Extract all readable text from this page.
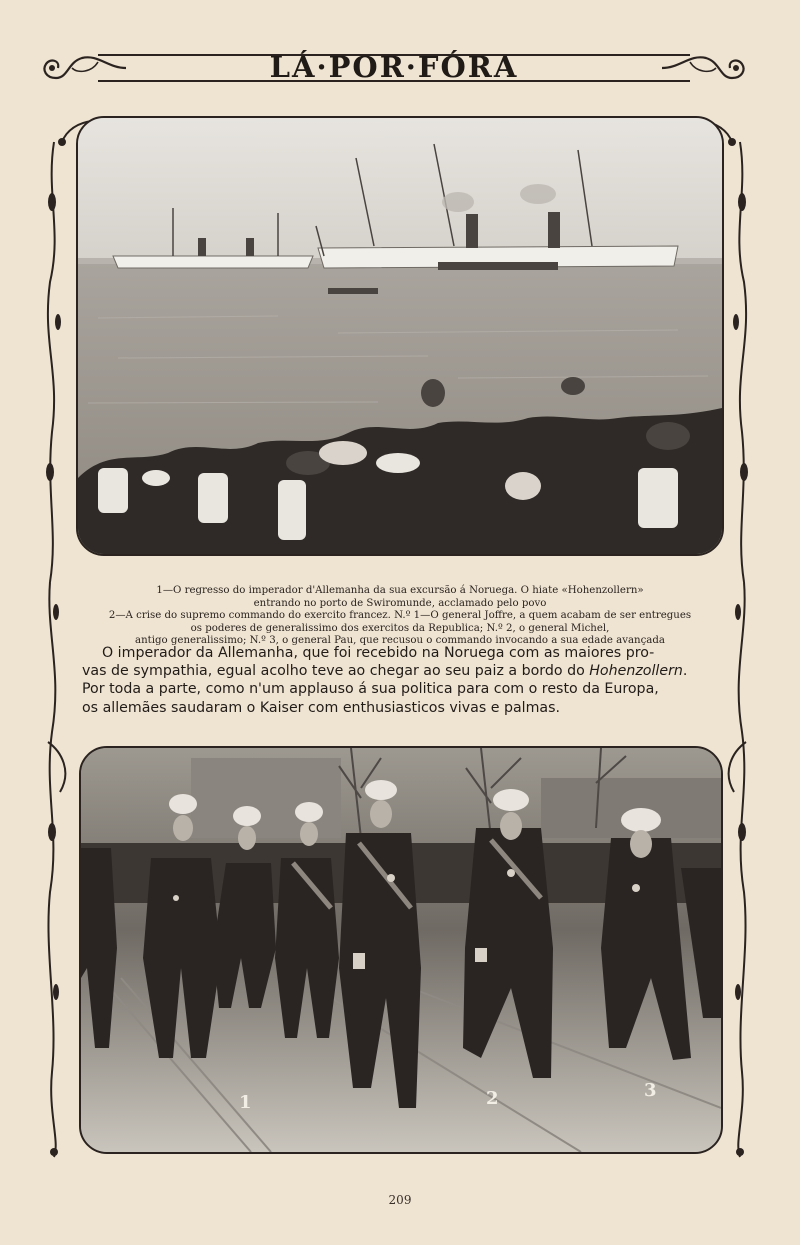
LÁ·POR·FÓRA
1—O regresso do imperador d'Allemanha da sua excursão á Noruega. O hiate «Hohenzollern»
entrando no porto de Swiromunde, acclamado pelo povo
2—A crise do supremo commando do exercito francez. N.º 1—O general Joffre, a quem acabam de ser entregues
os poderes de generalissimo dos exercitos da Republica; N.º 2, o general Michel,
antigo generalissimo; N.º 3, o general Pau, que recusou o commando invocando a sua edade avançada
O imperador da Allemanha, que foi recebido na Noruega com as maiores pro-
vas de sympathia, egual acolho teve ao chegar ao seu paiz a bordo do Hohenzollern.
Por toda a parte, como n'um applauso á sua politica para com o resto da Europa,
os allemães saudaram o Kaiser com enthusiasticos vivas e palmas.
1	2	3
209
